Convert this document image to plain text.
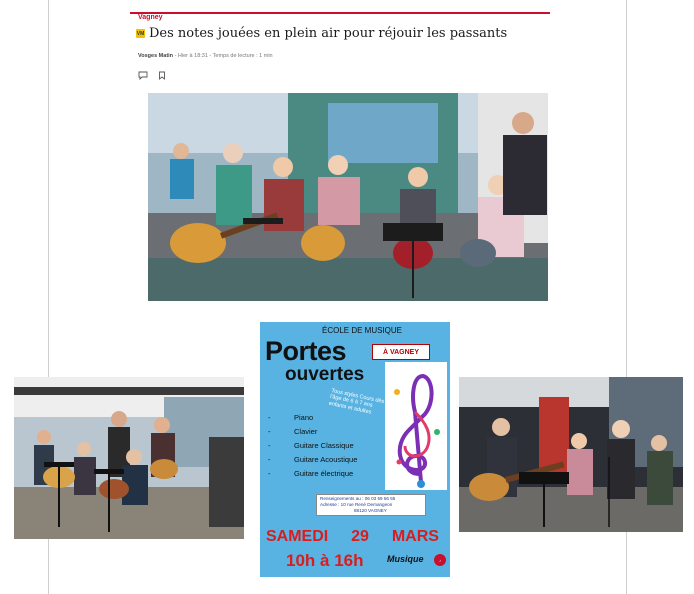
Vagney
VM Des notes jouées en plein air pour réjouir les passants
Vosges Matin - Hier à 18:31 - Temps de lecture : 1 min
ÉCOLE DE MUSIQUE
Portes
ouvertes
À VAGNEY
Tous styles Cours dès l'âge de 6 à 7 ans enfants et adultes
-	Piano
-	Clavier
-	Guitare Classique
-	Guitare Acoustique
-	Guitare électrique
Renseignements au : 06 03 59 56 55
Adresse : 10 rue René Demangeon
88120 VAGNEY
SAMEDI 29 MARS
10h à 16h	Musique	♪
